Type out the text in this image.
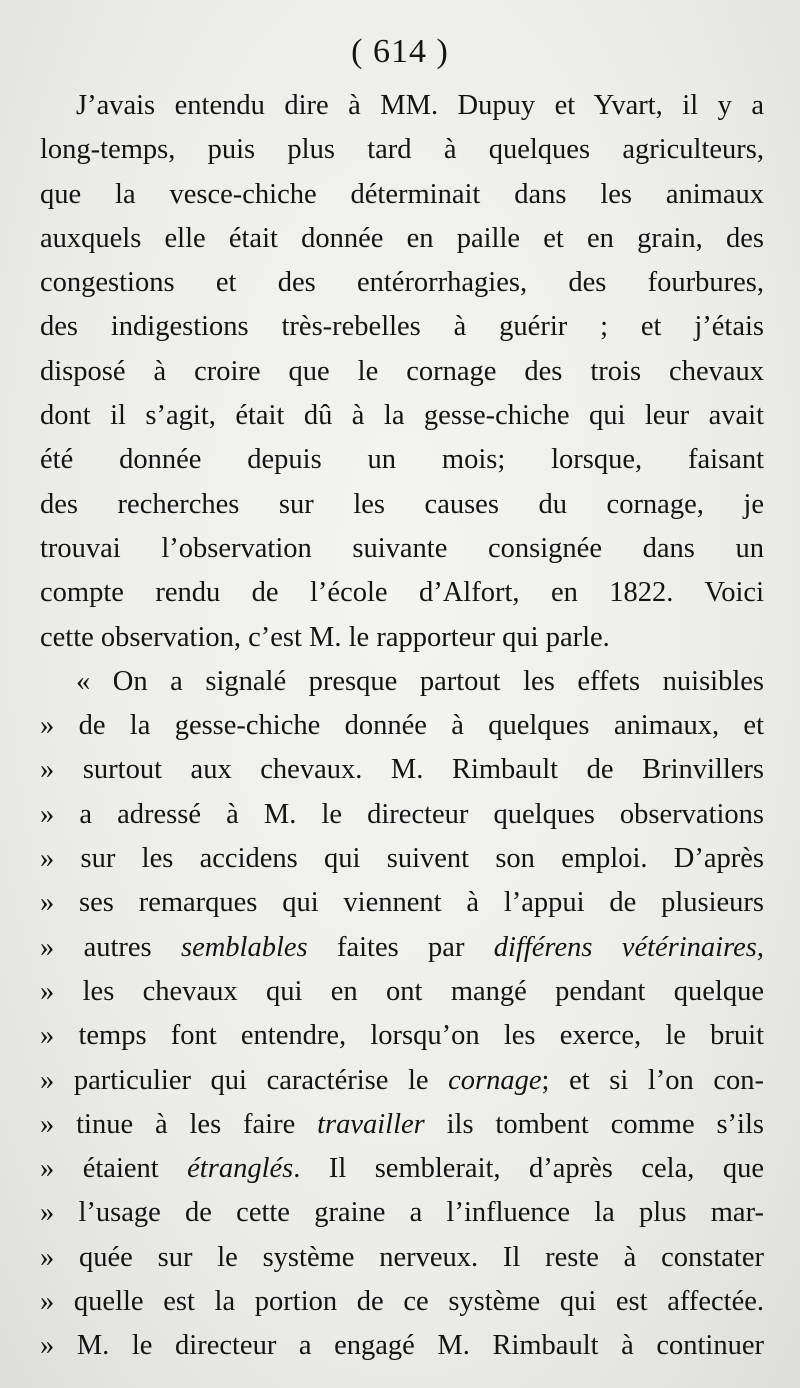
( 614 )
J’avais entendu dire à MM. Dupuy et Yvart, il y a
long-temps, puis plus tard à quelques agriculteurs,
que la vesce-chiche déterminait dans les animaux
auxquels elle était donnée en paille et en grain, des
congestions et des entérorrhagies, des fourbures,
des indigestions très-rebelles à guérir ; et j’étais
disposé à croire que le cornage des trois chevaux
dont il s’agit, était dû à la gesse-chiche qui leur avait
été donnée depuis un mois; lorsque, faisant
des recherches sur les causes du cornage, je
trouvai l’observation suivante consignée dans un
compte rendu de l’école d’Alfort, en 1822. Voici
cette observation, c’est M. le rapporteur qui parle.
« On a signalé presque partout les effets nuisibles
» de la gesse-chiche donnée à quelques animaux, et
» surtout aux chevaux. M. Rimbault de Brinvillers
» a adressé à M. le directeur quelques observations
» sur les accidens qui suivent son emploi. D’après
» ses remarques qui viennent à l’appui de plusieurs
» autres semblables faites par différens vétérinaires,
» les chevaux qui en ont mangé pendant quelque
» temps font entendre, lorsqu’on les exerce, le bruit
» particulier qui caractérise le cornage; et si l’on con-
» tinue à les faire travailler ils tombent comme s’ils
» étaient étranglés. Il semblerait, d’après cela, que
» l’usage de cette graine a l’influence la plus mar-
» quée sur le système nerveux. Il reste à constater
» quelle est la portion de ce système qui est affectée.
» M. le directeur a engagé M. Rimbault à continuer
